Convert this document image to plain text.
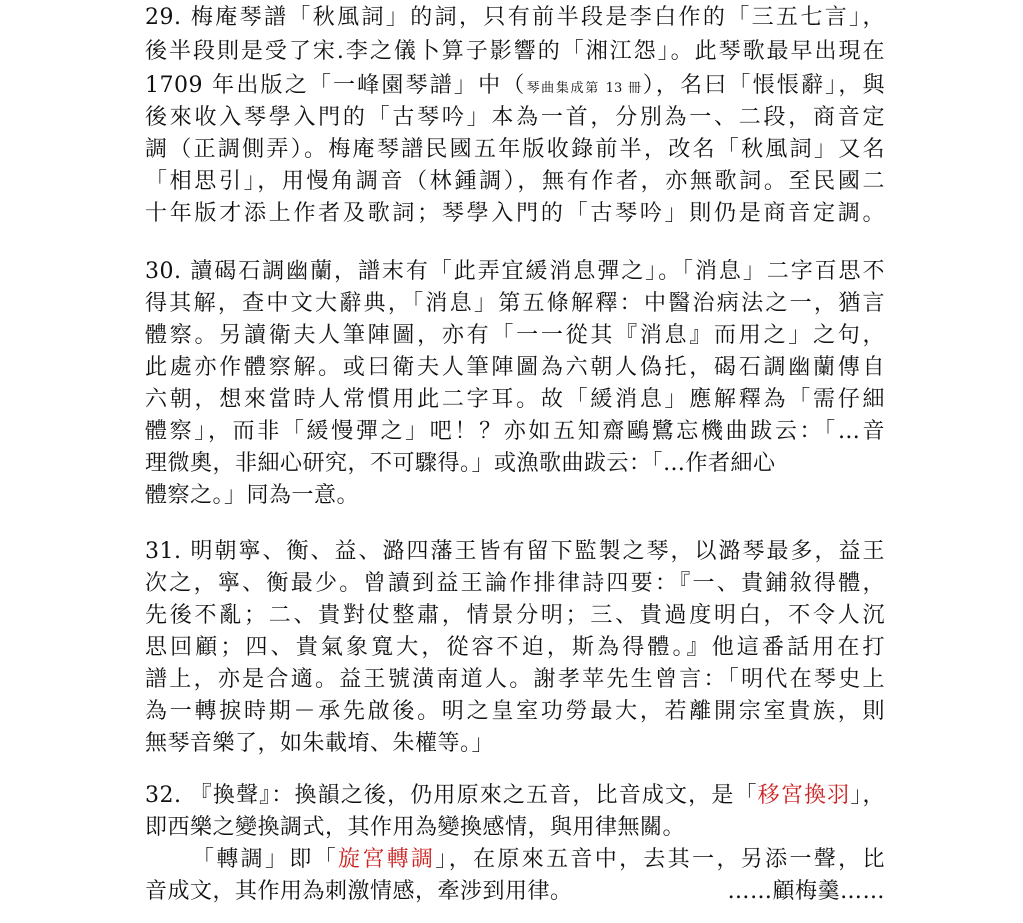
29. 梅庵琴譜「秋風詞」的詞，只有前半段是李白作的「三五七言」，
後半段則是受了宋.李之儀卜算子影響的「湘江怨」。此琴歌最早出現在
1709 年出版之「一峰園琴譜」中（琴曲集成第 13 冊），名曰「悵悵辭」，與
後來收入琴學入門的「古琴吟」本為一首，分別為一、二段，商音定
調（正調側弄）。梅庵琴譜民國五年版收錄前半，改名「秋風詞」又名
「相思引」，用慢角調音（林鍾調），無有作者，亦無歌詞。至民國二
十年版才添上作者及歌詞；琴學入門的「古琴吟」則仍是商音定調。
30. 讀碣石調幽蘭，譜末有「此弄宜緩消息彈之」。「消息」二字百思不
得其解，查中文大辭典，「消息」第五條解釋：中醫治病法之一，猶言
體察。另讀衛夫人筆陣圖，亦有「一一從其『消息』而用之」之句，
此處亦作體察解。或曰衛夫人筆陣圖為六朝人偽托，碣石調幽蘭傳自
六朝，想來當時人常慣用此二字耳。故「緩消息」應解釋為「需仔細
體察」，而非「緩慢彈之」吧！？亦如五知齋鷗鷺忘機曲跋云：「…音
理微奧，非細心研究，不可驟得。」或漁歌曲跋云：「…作者細心
體察之。」同為一意。
31. 明朝寧、衡、益、潞四藩王皆有留下監製之琴，以潞琴最多，益王
次之，寧、衡最少。曾讀到益王論作排律詩四要：『一、貴鋪敘得體，
先後不亂；二、貴對仗整肅，情景分明；三、貴過度明白，不令人沉
思回顧；四、貴氣象寬大，從容不迫，斯為得體。』他這番話用在打
譜上，亦是合適。益王號潢南道人。謝孝苹先生曾言：「明代在琴史上
為一轉捩時期－承先啟後。明之皇室功勞最大，若離開宗室貴族，則
無琴音樂了，如朱載堉、朱權等。」
32. 『換聲』：換韻之後，仍用原來之五音，比音成文，是「移宮換羽」，
即西樂之變換調式，其作用為變換感情，與用律無關。
「轉調」即「旋宮轉調」，在原來五音中，去其一，另添一聲，比
音成文，其作用為刺激情感，牽涉到用律。	……顧梅羹……
